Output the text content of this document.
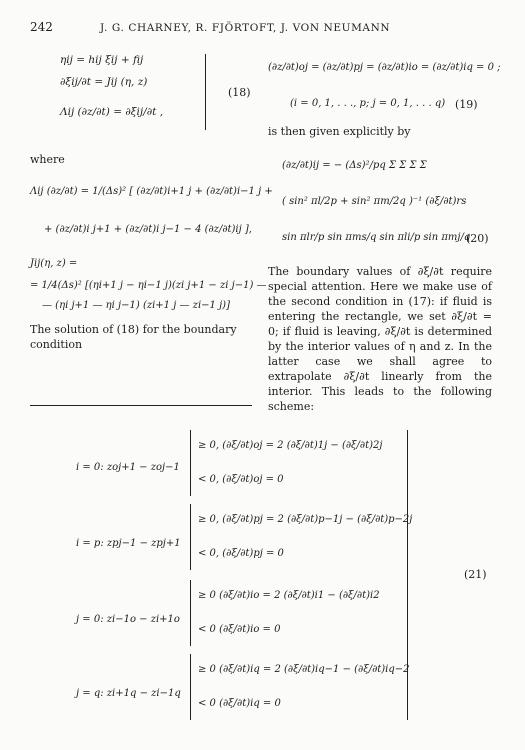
242	J. G. CHARNEY, R. FJÖRTOFT, J. VON NEUMANN
ηij = hij ξij + fij
∂ξij/∂t = Jij (η, z)
Λij (∂z/∂t) = ∂ξij/∂t ,
(18)
where
Λij (∂z/∂t) = 1/(Δs)² [ (∂z/∂t)i+1 j + (∂z/∂t)i−1 j +
+ (∂z/∂t)i j+1 + (∂z/∂t)i j−1 − 4 (∂z/∂t)ij ],
Jij(η, z) =
= 1/4(Δs)² [(ηi+1 j − ηi−1 j)(zi j+1 − zi j−1) —
— (ηi j+1 — ηi j−1) (zi+1 j — zi−1 j)]
The solution of (18) for the boundary condition
(∂z/∂t)oj = (∂z/∂t)pj = (∂z/∂t)io = (∂z/∂t)iq = 0 ;
(i = 0, 1, . . ., p; j = 0, 1, . . . q) (19)
is then given explicitly by
(∂z/∂t)ij = − (Δs)²/pq Σ Σ Σ Σ
( sin² πl/2p + sin² πm/2q )⁻¹ (∂ξ/∂t)rs
sin πlr/p sin πms/q sin πli/p sin πmj/q
(20)
The boundary values of ∂ξ/∂t require special attention. Here we make use of the second condition in (17): if fluid is entering the rectangle, we set ∂ξ/∂t = 0; if fluid is leaving, ∂ξ/∂t is determined by the interior values of η and z. In the latter case we shall agree to extrapolate ∂ξ/∂t linearly from the interior. This leads to the following scheme:
i = 0: zoj+1 − zoj−1
≥ 0, (∂ξ/∂t)oj = 2 (∂ξ/∂t)1j − (∂ξ/∂t)2j
< 0, (∂ξ/∂t)oj = 0
i = p: zpj−1 − zpj+1
≥ 0, (∂ξ/∂t)pj = 2 (∂ξ/∂t)p−1j − (∂ξ/∂t)p−2j
< 0, (∂ξ/∂t)pj = 0
j = 0: zi−1o − zi+1o
≥ 0 (∂ξ/∂t)io = 2 (∂ξ/∂t)i1 − (∂ξ/∂t)i2
< 0 (∂ξ/∂t)io = 0
j = q: zi+1q − zi−1q
≥ 0 (∂ξ/∂t)iq = 2 (∂ξ/∂t)iq−1 − (∂ξ/∂t)iq−2
< 0 (∂ξ/∂t)iq = 0
(21)
